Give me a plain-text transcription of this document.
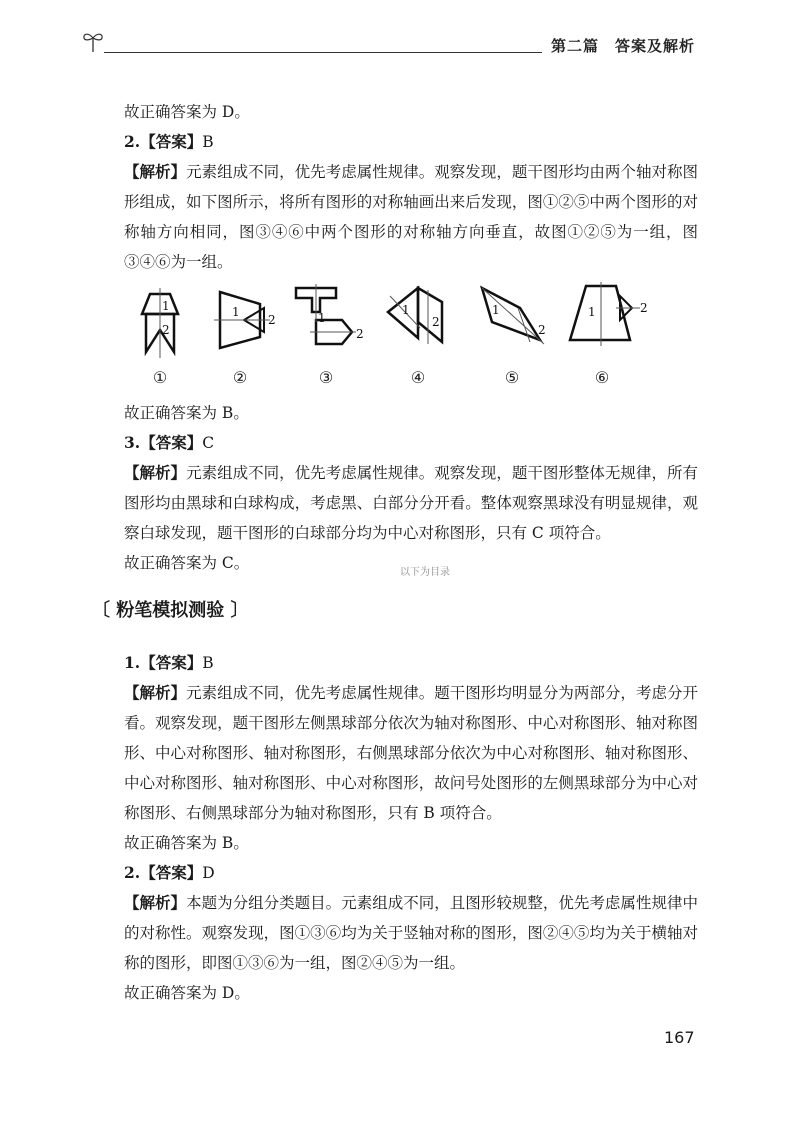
第二篇　答案及解析

故正确答案为 D。

2.【答案】B

【解析】元素组成不同，优先考虑属性规律。观察发现，题干图形均由两个轴对称图形组成，如下图所示，将所有图形的对称轴画出来后发现，图①②⑤中两个图形的对称轴方向相同，图③④⑥中两个图形的对称轴方向垂直，故图①②⑤为一组，图③④⑥为一组。

1
2
1
2	1
2
1
2
1
2
1	2
①	②	③	④	⑤	⑥

故正确答案为 B。

3.【答案】C

【解析】元素组成不同，优先考虑属性规律。观察发现，题干图形整体无规律，所有图形均由黑球和白球构成，考虑黑、白部分分开看。整体观察黑球没有明显规律，观察白球发现，题干图形的白球部分均为中心对称图形，只有 C 项符合。

故正确答案为 C。

以下为目录
〔 粉笔模拟测验 〕

1.【答案】B

【解析】元素组成不同，优先考虑属性规律。题干图形均明显分为两部分，考虑分开看。观察发现，题干图形左侧黑球部分依次为轴对称图形、中心对称图形、轴对称图形、中心对称图形、轴对称图形，右侧黑球部分依次为中心对称图形、轴对称图形、中心对称图形、轴对称图形、中心对称图形，故问号处图形的左侧黑球部分为中心对称图形、右侧黑球部分为轴对称图形，只有 B 项符合。

故正确答案为 B。

2.【答案】D

【解析】本题为分组分类题目。元素组成不同，且图形较规整，优先考虑属性规律中的对称性。观察发现，图①③⑥均为关于竖轴对称的图形，图②④⑤均为关于横轴对称的图形，即图①③⑥为一组，图②④⑤为一组。

故正确答案为 D。

167
